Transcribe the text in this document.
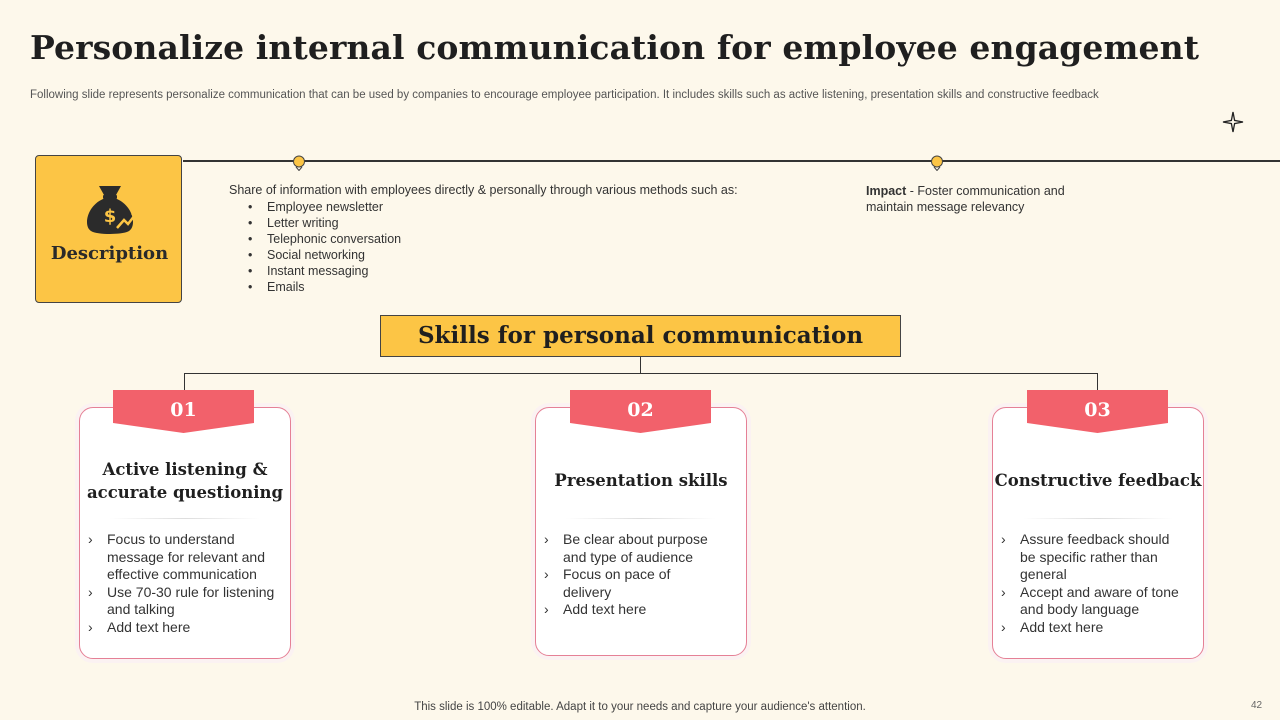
Personalize internal communication for employee engagement
Following slide represents personalize communication that can be used by companies to encourage employee participation. It includes skills such as active listening, presentation skills and constructive feedback
$
Description
Share of information with employees directly & personally through various methods such as:
• Employee newsletter
• Letter writing
• Telephonic conversation
• Social networking
• Instant messaging
• Emails
Impact - Foster communication and maintain message relevancy
Skills for personal communication
Active listening & accurate questioning
› Focus to understand message for relevant and effective communication
› Use 70-30 rule for listening and talking
› Add text here
01
Presentation skills
› Be clear about purpose and type of audience
› Focus on pace of delivery
› Add text here
02
Constructive feedback
› Assure feedback should be specific rather than general
› Accept and aware of tone and body language
› Add text here
03
This slide is 100% editable. Adapt it to your needs and capture your audience's attention.	42
